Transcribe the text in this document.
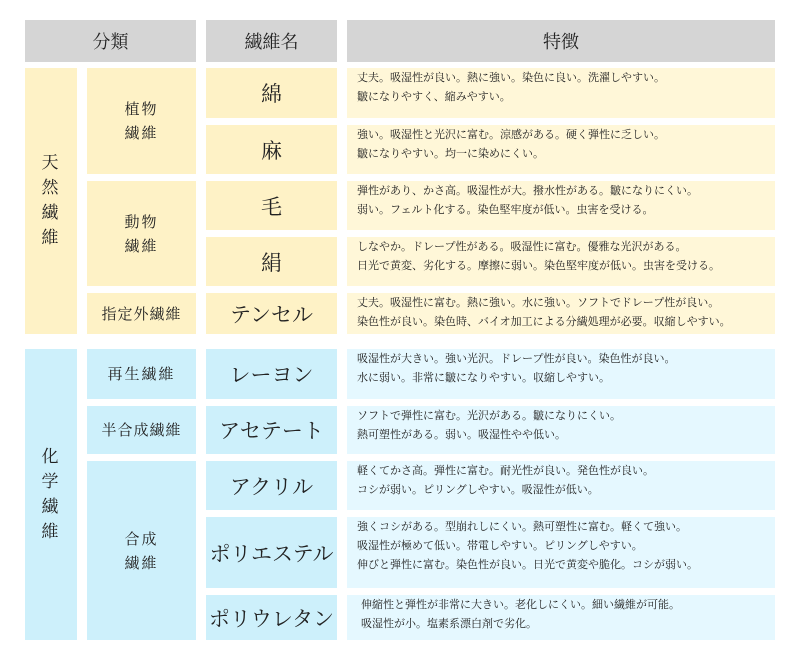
分類	繊維名	特徴
天
然
繊
維
植物
繊維
動物
繊維
指定外繊維
綿
麻
毛
絹
テンセル
丈夫。吸湿性が良い。熱に強い。染色に良い。洗濯しやすい。
皺になりやすく、縮みやすい。
強い。吸湿性と光沢に富む。涼感がある。硬く弾性に乏しい。
皺になりやすい。均一に染めにくい。
弾性があり、かさ高。吸湿性が大。撥水性がある。皺になりにくい。
弱い。フェルト化する。染色堅牢度が低い。虫害を受ける。
しなやか。ドレープ性がある。吸湿性に富む。優雅な光沢がある。
日光で黄変、劣化する。摩擦に弱い。染色堅牢度が低い。虫害を受ける。
丈夫。吸湿性に富む。熱に強い。水に強い。ソフトでドレープ性が良い。
染色性が良い。染色時、バイオ加工による分繊処理が必要。収縮しやすい。
化
学
繊
維
再生繊維
半合成繊維
合成
繊維
レーヨン
アセテート
アクリル
ポリエステル
ポリウレタン
吸湿性が大きい。強い光沢。ドレープ性が良い。染色性が良い。
水に弱い。非常に皺になりやすい。収縮しやすい。
ソフトで弾性に富む。光沢がある。皺になりにくい。
熱可塑性がある。弱い。吸湿性やや低い。
軽くてかさ高。弾性に富む。耐光性が良い。発色性が良い。
コシが弱い。ピリングしやすい。吸湿性が低い。
強くコシがある。型崩れしにくい。熱可塑性に富む。軽くて強い。
吸湿性が極めて低い。帯電しやすい。ピリングしやすい。
伸びと弾性に富む。染色性が良い。日光で黄変や脆化。コシが弱い。
伸縮性と弾性が非常に大きい。老化しにくい。細い繊維が可能。
吸湿性が小。塩素系漂白剤で劣化。
